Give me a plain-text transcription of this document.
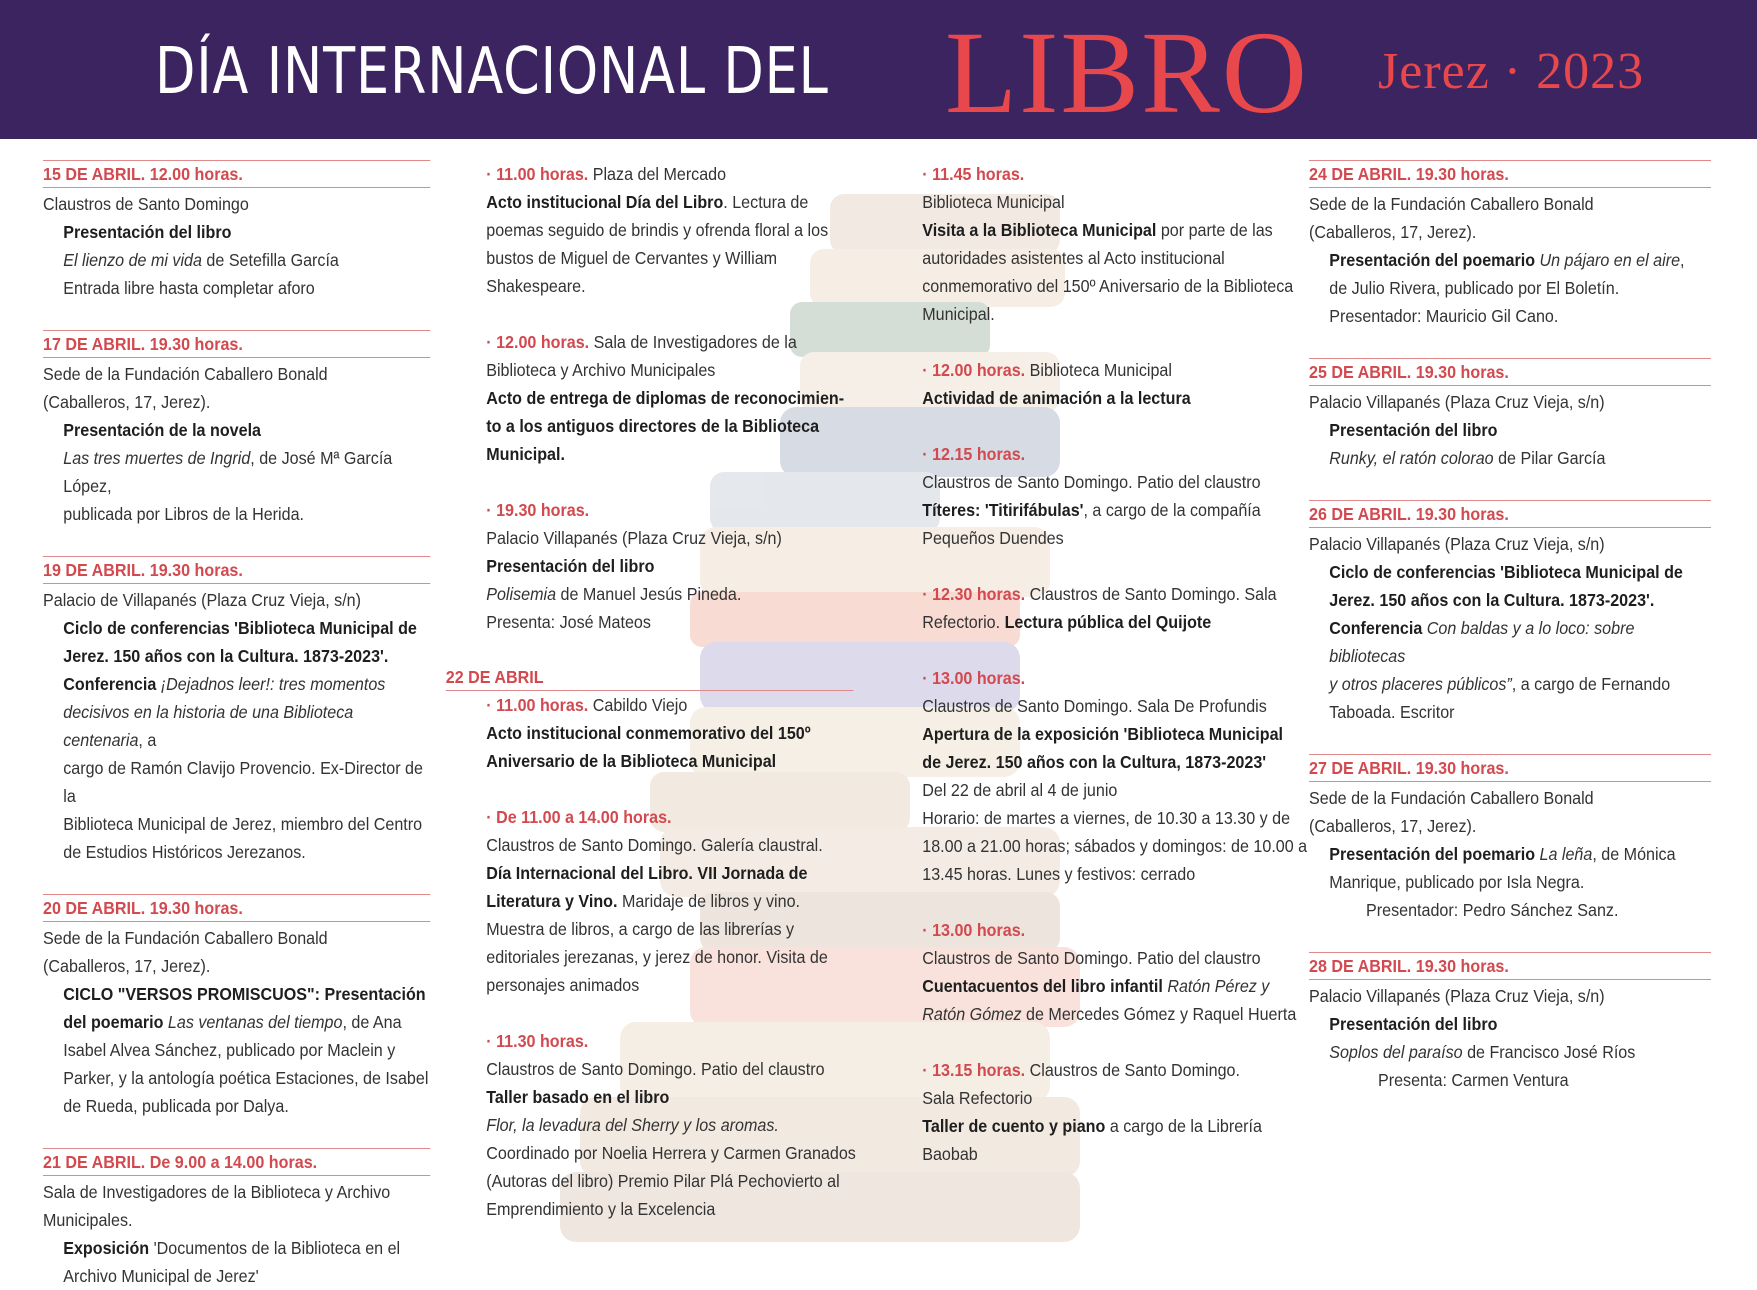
DÍA INTERNACIONAL DEL LIBRO Jerez · 2023
15 DE ABRIL. 12.00 horas.
Claustros de Santo Domingo
Presentación del libro
El lienzo de mi vida de Setefilla García
Entrada libre hasta completar aforo
17 DE ABRIL. 19.30 horas.
Sede de la Fundación Caballero Bonald
(Caballeros, 17, Jerez).
Presentación de la novela
Las tres muertes de Ingrid, de José Mª García López,
publicada por Libros de la Herida.
19 DE ABRIL. 19.30 horas.
Palacio de Villapanés (Plaza Cruz Vieja, s/n)
Ciclo de conferencias 'Biblioteca Municipal de
Jerez. 150 años con la Cultura. 1873-2023'.
Conferencia ¡Dejadnos leer!: tres momentos
decisivos en la historia de una Biblioteca centenaria, a
cargo de Ramón Clavijo Provencio. Ex-Director de la
Biblioteca Municipal de Jerez, miembro del Centro
de Estudios Históricos Jerezanos.
20 DE ABRIL. 19.30 horas.
Sede de la Fundación Caballero Bonald
(Caballeros, 17, Jerez).
CICLO "VERSOS PROMISCUOS": Presentación
del poemario Las ventanas del tiempo, de Ana
Isabel Alvea Sánchez, publicado por Maclein y
Parker, y la antología poética Estaciones, de Isabel
de Rueda, publicada por Dalya.
21 DE ABRIL. De 9.00 a 14.00 horas.
Sala de Investigadores de la Biblioteca y Archivo
Municipales.
Exposición 'Documentos de la Biblioteca en el
Archivo Municipal de Jerez'
· 11.00 horas. Plaza del Mercado
Acto institucional Día del Libro. Lectura de
poemas seguido de brindis y ofrenda floral a los
bustos de Miguel de Cervantes y William Shakespeare.
· 12.00 horas. Sala de Investigadores de la
Biblioteca y Archivo Municipales
Acto de entrega de diplomas de reconocimien-
to a los antiguos directores de la Biblioteca
Municipal.
· 19.30 horas.
Palacio Villapanés (Plaza Cruz Vieja, s/n)
Presentación del libro
Polisemia de Manuel Jesús Pineda.
Presenta: José Mateos
22 DE ABRIL
· 11.00 horas. Cabildo Viejo
Acto institucional conmemorativo del 150º
Aniversario de la Biblioteca Municipal
· De 11.00 a 14.00 horas.
Claustros de Santo Domingo. Galería claustral.
Día Internacional del Libro. VII Jornada de
Literatura y Vino. Maridaje de libros y vino.
Muestra de libros, a cargo de las librerías y
editoriales jerezanas, y jerez de honor. Visita de
personajes animados
· 11.30 horas.
Claustros de Santo Domingo. Patio del claustro
Taller basado en el libro
Flor, la levadura del Sherry y los aromas.
Coordinado por Noelia Herrera y Carmen Granados
(Autoras del libro) Premio Pilar Plá Pechovierto al
Emprendimiento y la Excelencia
· 11.45 horas.
Biblioteca Municipal
Visita a la Biblioteca Municipal por parte de las
autoridades asistentes al Acto institucional
conmemorativo del 150º Aniversario de la Biblioteca
Municipal.
· 12.00 horas. Biblioteca Municipal
Actividad de animación a la lectura
· 12.15 horas.
Claustros de Santo Domingo. Patio del claustro
Títeres: 'Titirifábulas', a cargo de la compañía
Pequeños Duendes
· 12.30 horas. Claustros de Santo Domingo. Sala
Refectorio. Lectura pública del Quijote
· 13.00 horas.
Claustros de Santo Domingo. Sala De Profundis
Apertura de la exposición 'Biblioteca Municipal
de Jerez. 150 años con la Cultura, 1873-2023'
Del 22 de abril al 4 de junio
Horario: de martes a viernes, de 10.30 a 13.30 y de
18.00 a 21.00 horas; sábados y domingos: de 10.00 a
13.45 horas. Lunes y festivos: cerrado
· 13.00 horas.
Claustros de Santo Domingo. Patio del claustro
Cuentacuentos del libro infantil Ratón Pérez y
Ratón Gómez de Mercedes Gómez y Raquel Huerta
· 13.15 horas. Claustros de Santo Domingo.
Sala Refectorio
Taller de cuento y piano a cargo de la Librería
Baobab
24 DE ABRIL. 19.30 horas.
Sede de la Fundación Caballero Bonald
(Caballeros, 17, Jerez).
Presentación del poemario Un pájaro en el aire,
de Julio Rivera, publicado por El Boletín.
Presentador: Mauricio Gil Cano.
25 DE ABRIL. 19.30 horas.
Palacio Villapanés (Plaza Cruz Vieja, s/n)
Presentación del libro
Runky, el ratón colorao de Pilar García
26 DE ABRIL. 19.30 horas.
Palacio Villapanés (Plaza Cruz Vieja, s/n)
Ciclo de conferencias 'Biblioteca Municipal de
Jerez. 150 años con la Cultura. 1873-2023'.
Conferencia Con baldas y a lo loco: sobre bibliotecas
y otros placeres públicos”, a cargo de Fernando
Taboada. Escritor
27 DE ABRIL. 19.30 horas.
Sede de la Fundación Caballero Bonald
(Caballeros, 17, Jerez).
Presentación del poemario La leña, de Mónica
Manrique, publicado por Isla Negra.
Presentador: Pedro Sánchez Sanz.
28 DE ABRIL. 19.30 horas.
Palacio Villapanés (Plaza Cruz Vieja, s/n)
Presentación del libro
Soplos del paraíso de Francisco José Ríos
Presenta: Carmen Ventura
